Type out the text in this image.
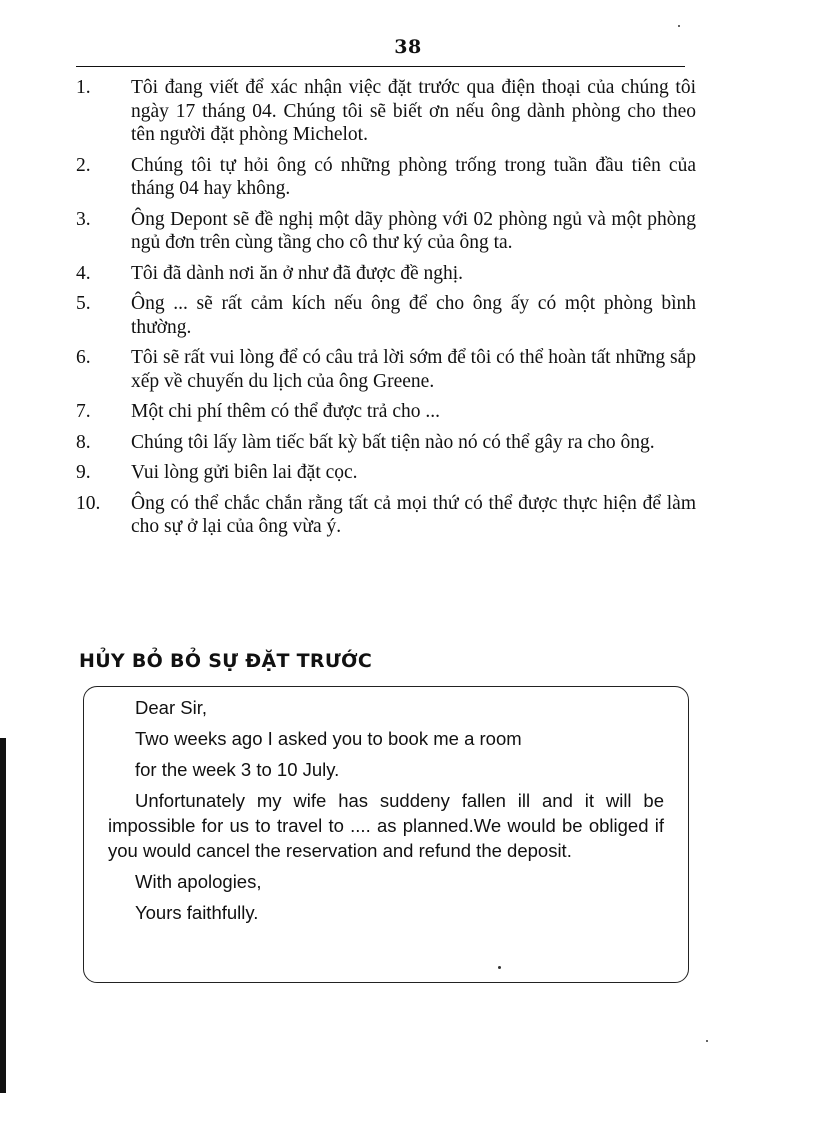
38
1.	Tôi đang viết để xác nhận việc đặt trước qua điện thoại của chúng tôi ngày 17 tháng 04. Chúng tôi sẽ biết ơn nếu ông dành phòng cho theo tên người đặt phòng Michelot.
2.	Chúng tôi tự hỏi ông có những phòng trống trong tuần đầu tiên của tháng 04 hay không.
3.	Ông Depont sẽ đề nghị một dãy phòng với 02 phòng ngủ và một phòng ngủ đơn trên cùng tầng cho cô thư ký của ông ta.
4.	Tôi đã dành nơi ăn ở như đã được đề nghị.
5.	Ông ... sẽ rất cảm kích nếu ông để cho ông ấy có một phòng bình thường.
6.	Tôi sẽ rất vui lòng để có câu trả lời sớm để tôi có thể hoàn tất những sắp xếp về chuyến du lịch của ông Greene.
7.	Một chi phí thêm có thể được trả cho ...
8.	Chúng tôi lấy làm tiếc bất kỳ bất tiện nào nó có thể gây ra cho ông.
9.	Vui lòng gửi biên lai đặt cọc.
10.	Ông có thể chắc chắn rằng tất cả mọi thứ có thể được thực hiện để làm cho sự ở lại của ông vừa ý.
HỦY BỎ BỎ SỰ ĐẶT TRƯỚC

Dear Sir,

Two weeks ago I asked you to book me a room

for the week 3 to 10 July.

Unfortunately my wife has suddeny fallen ill and it will be impossible for us to travel to .... as planned.We would be obliged if you would cancel the reservation and refund the deposit.

With apologies,

Yours faithfully.
